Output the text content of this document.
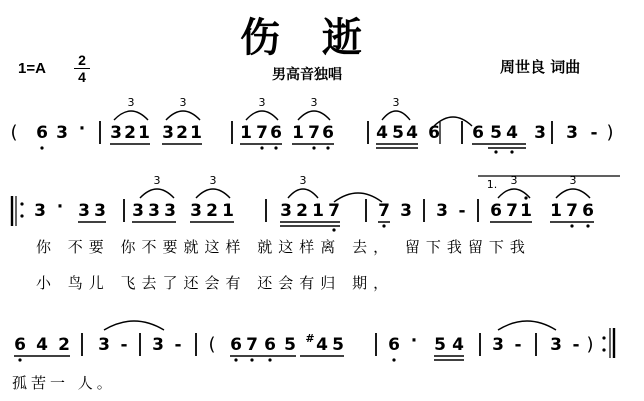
伤逝
1=A 2
4	男高音独唱	周世良 词曲
( 6 3 · 3 2 1 3 2 1
3	3
1 7 6 1 7 6
3	3
4 5 4 6
3
6 5 4 3 3 - )
3 · 3 3 3 3 3 3 2 1
3	3
3 2 1 7
3
7 3 3 -
1.
6 7 1 1 7 6
3	3
6 4 2 3 - 3 - ( 6 7 6 5 4 5
#	6 · 5 4 3 - 3 - )
你 不要 你不要就这样 就这样离 去， 留下我留下我
小 鸟儿 飞去了还会有 还会有归 期，
孤苦一 人。
